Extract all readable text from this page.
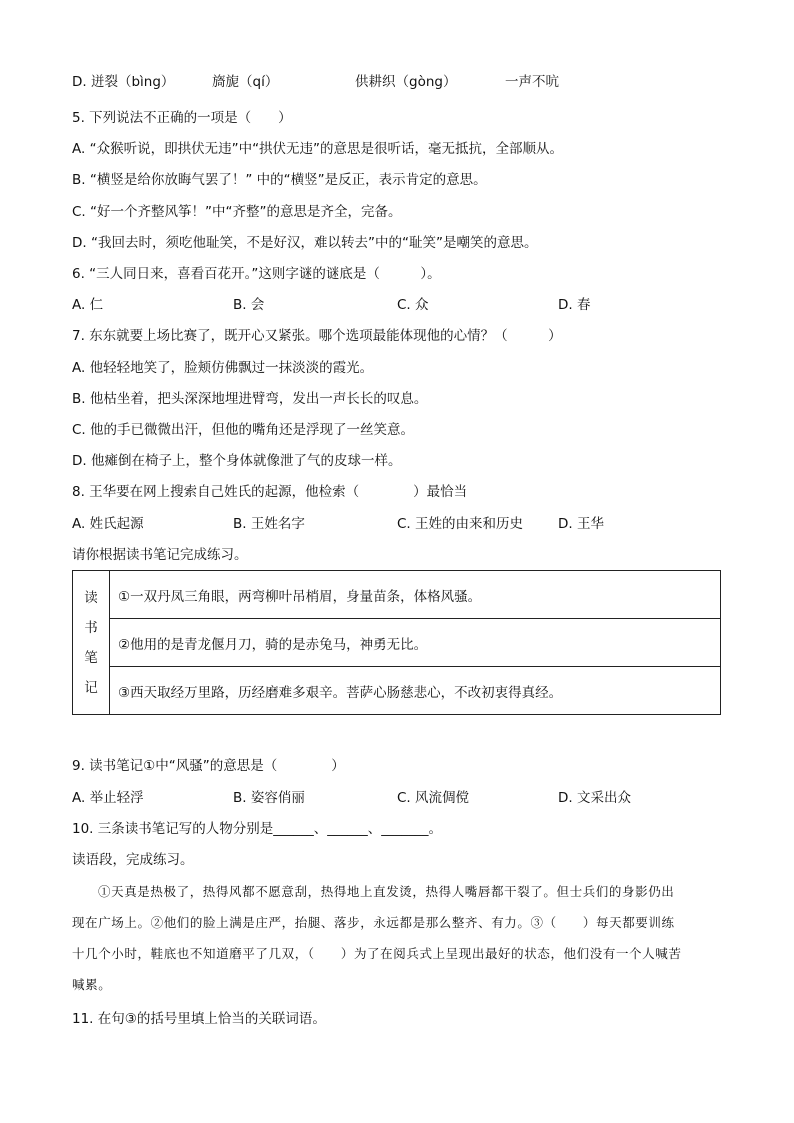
D. 迸裂（bìng）	旖旎（qí）	供耕织（gòng）	一声不吭
5. 下列说法不正确的一项是（　　）
A. “众猴听说，即拱伏无违”中“拱伏无违”的意思是很听话，毫无抵抗，全部顺从。
B. “横竖是给你放晦气罢了！” 中的“横竖”是反正，表示肯定的意思。
C. “好一个齐整风筝！”中“齐整”的意思是齐全，完备。
D. “我回去时，须吃他耻笑，不是好汉，难以转去”中的“耻笑”是嘲笑的意思。
6. “三人同日来，喜看百花开。”这则字谜的谜底是（　　　）。
A. 仁	B. 会	C. 众	D. 春
7. 东东就要上场比赛了，既开心又紧张。哪个选项最能体现他的心情？（　　　）
A. 他轻轻地笑了，脸颊仿佛飘过一抹淡淡的霞光。
B. 他枯坐着，把头深深地埋进臂弯，发出一声长长的叹息。
C. 他的手已微微出汗，但他的嘴角还是浮现了一丝笑意。
D. 他瘫倒在椅子上，整个身体就像泄了气的皮球一样。
8. 王华要在网上搜索自己姓氏的起源，他检索（　　　　）最恰当
A. 姓氏起源	B. 王姓名字	C. 王姓的由来和历史	D. 王华
请你根据读书笔记完成练习。
读
书
笔
记
	①一双丹凤三角眼，两弯柳叶吊梢眉，身量苗条，体格风骚。
②他用的是青龙偃月刀，骑的是赤兔马，神勇无比。
③西天取经万里路，历经磨难多艰辛。菩萨心肠慈悲心，不改初衷得真经。
9. 读书笔记①中“风骚”的意思是（　　　　）
A. 举止轻浮	B. 姿容俏丽	C. 风流倜傥	D. 文采出众
10. 三条读书笔记写的人物分别是______、______、_______。
读语段，完成练习。
①天真是热极了，热得风都不愿意刮，热得地上直发烫，热得人嘴唇都干裂了。但士兵们的身影仍出
现在广场上。②他们的脸上满是庄严，抬腿、落步，永远都是那么整齐、有力。③（　　）每天都要训练
十几个小时，鞋底也不知道磨平了几双，（　　）为了在阅兵式上呈现出最好的状态，他们没有一个人喊苦
喊累。
11. 在句③的括号里填上恰当的关联词语。
